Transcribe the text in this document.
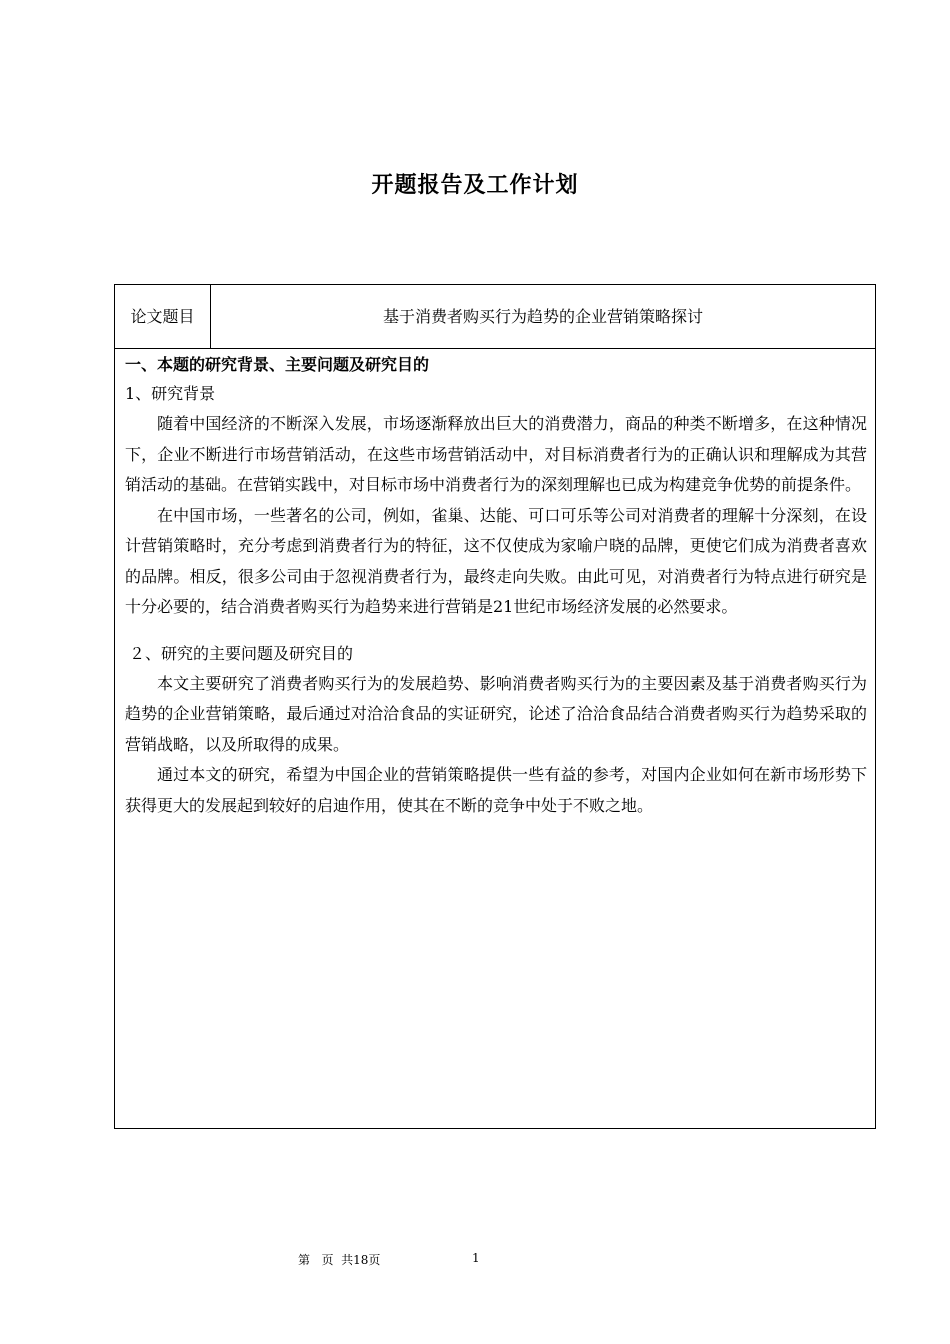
开题报告及工作计划
论文题目	基于消费者购买行为趋势的企业营销策略探讨
一、本题的研究背景、主要问题及研究目的
1、研究背景

随着中国经济的不断深入发展，市场逐渐释放出巨大的消费潜力，商品的种类不断增多，在这种情况下，企业不断进行市场营销活动，在这些市场营销活动中，对目标消费者行为的正确认识和理解成为其营销活动的基础。在营销实践中，对目标市场中消费者行为的深刻理解也已成为构建竞争优势的前提条件。

在中国市场，一些著名的公司，例如，雀巢、达能、可口可乐等公司对消费者的理解十分深刻，在设计营销策略时，充分考虑到消费者行为的特征，这不仅使成为家喻户晓的品牌，更使它们成为消费者喜欢的品牌。相反，很多公司由于忽视消费者行为，最终走向失败。由此可见，对消费者行为特点进行研究是十分必要的，结合消费者购买行为趋势来进行营销是21世纪市场经济发展的必然要求。

２、研究的主要问题及研究目的

本文主要研究了消费者购买行为的发展趋势、影响消费者购买行为的主要因素及基于消费者购买行为趋势的企业营销策略，最后通过对洽洽食品的实证研究，论述了洽洽食品结合消费者购买行为趋势采取的营销战略，以及所取得的成果。

通过本文的研究，希望为中国企业的营销策略提供一些有益的参考，对国内企业如何在新市场形势下获得更大的发展起到较好的启迪作用，使其在不断的竞争中处于不败之地。

第   页  共18页	1
